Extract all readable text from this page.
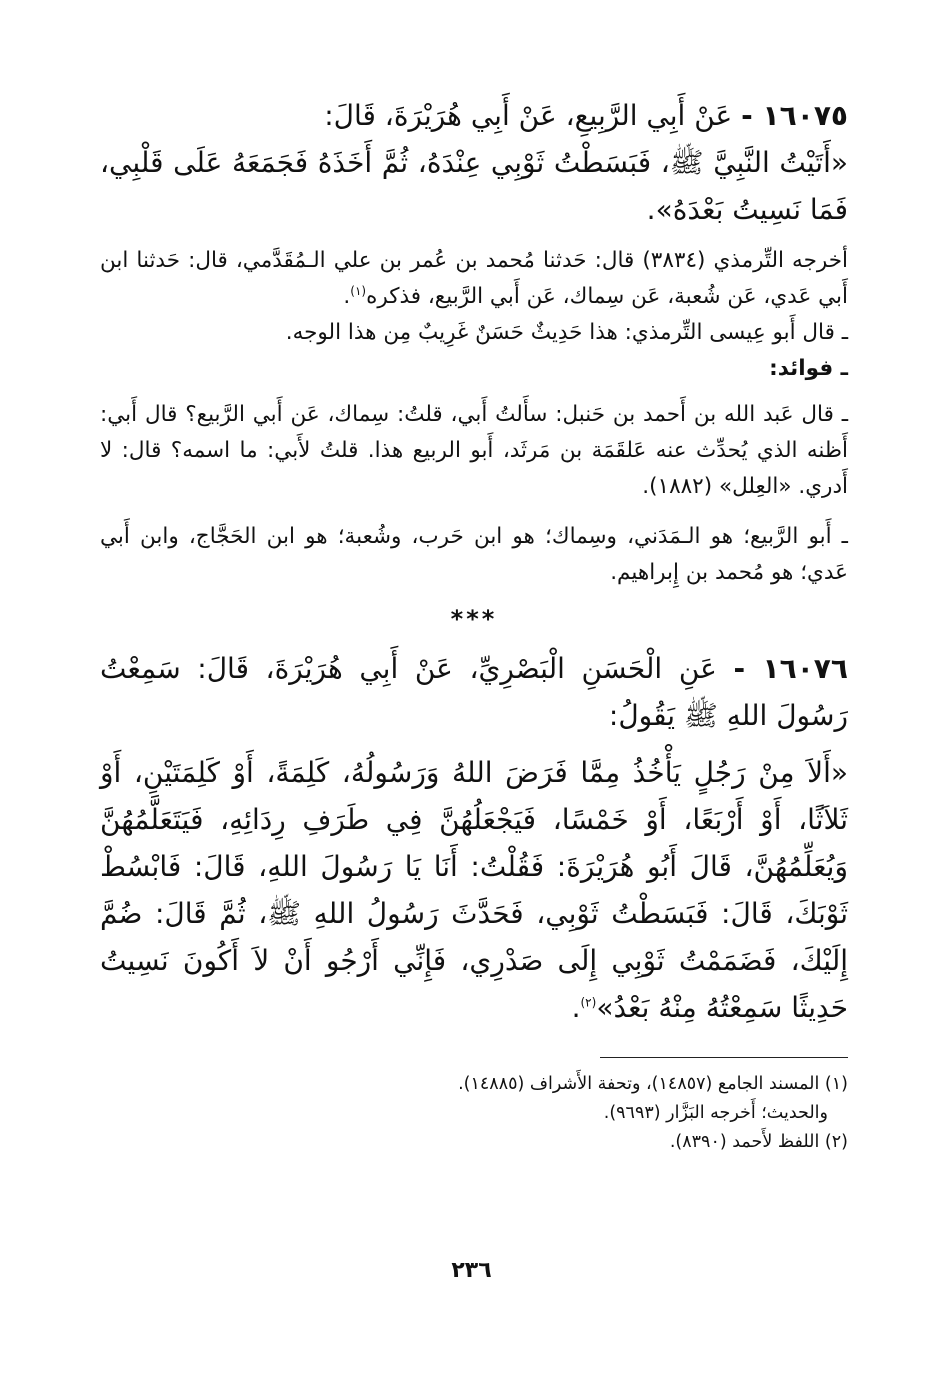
١٦٠٧٥ - عَنْ أَبِي الرَّبِيعِ، عَنْ أَبِي هُرَيْرَةَ، قَالَ:

«أَتَيْتُ النَّبِيَّ ﷺ، فَبَسَطْتُ ثَوْبِي عِنْدَهُ، ثُمَّ أَخَذَهُ فَجَمَعَهُ عَلَى قَلْبِي، فَمَا نَسِيتُ بَعْدَهُ».

أخرجه التِّرمذي (٣٨٣٤) قال: حَدثنا مُحمد بن عُمر بن علي الـمُقَدَّمي، قال: حَدثنا ابن أَبي عَدي، عَن شُعبة، عَن سِماك، عَن أَبي الرَّبيع، فذكره$^{(١)}$.

ـ قال أَبو عِيسى التِّرمذي: هذا حَدِيثٌ حَسَنٌ غَرِيبٌ مِن هذا الوجه.

ـ فوائد:

ـ قال عَبد الله بن أَحمد بن حَنبل: سأَلتُ أَبي، قلتُ: سِماك، عَن أَبي الرَّبيع؟ قال أَبي: أَظنه الذي يُحدِّث عنه عَلقَمَة بن مَرثَد، أَبو الربيع هذا. قلتُ لأَبي: ما اسمه؟ قال: لا أَدري. «العِلل» (١٨٨٢).

ـ أَبو الرَّبيع؛ هو الـمَدَني، وسِماك؛ هو ابن حَرب، وشُعبة؛ هو ابن الحَجَّاج، وابن أَبي عَدي؛ هو مُحمد بن إِبراهيم.

***

١٦٠٧٦ - عَنِ الْحَسَنِ الْبَصْرِيِّ، عَنْ أَبِي هُرَيْرَةَ، قَالَ: سَمِعْتُ رَسُولَ اللهِ ﷺ يَقُولُ:

«أَلاَ مِنْ رَجُلٍ يَأْخُذُ مِمَّا فَرَضَ اللهُ وَرَسُولُهُ، كَلِمَةً، أَوْ كَلِمَتَيْنِ، أَوْ ثَلاَثًا، أَوْ أَرْبَعًا، أَوْ خَمْسًا، فَيَجْعَلُهُنَّ فِي طَرَفِ رِدَائِهِ، فَيَتَعَلَّمُهُنَّ وَيُعَلِّمُهُنَّ، قَالَ أَبُو هُرَيْرَةَ: فَقُلْتُ: أَنَا يَا رَسُولَ اللهِ، قَالَ: فَابْسُطْ ثَوْبَكَ، قَالَ: فَبَسَطْتُ ثَوْبِي، فَحَدَّثَ رَسُولُ اللهِ ﷺ، ثُمَّ قَالَ: ضُمَّ إِلَيْكَ، فَضَمَمْتُ ثَوْبِي إِلَى صَدْرِي، فَإِنِّي أَرْجُو أَنْ لاَ أَكُونَ نَسِيتُ حَدِيثًا سَمِعْتُهُ مِنْهُ بَعْدُ»$^{(٢)}$.

(١) المسند الجامع (١٤٨٥٧)، وتحفة الأَشراف (١٤٨٨٥).

والحديث؛ أَخرجه البَزَّار (٩٦٩٣).

(٢) اللفظ لأَحمد (٨٣٩٠).

٢٣٦
